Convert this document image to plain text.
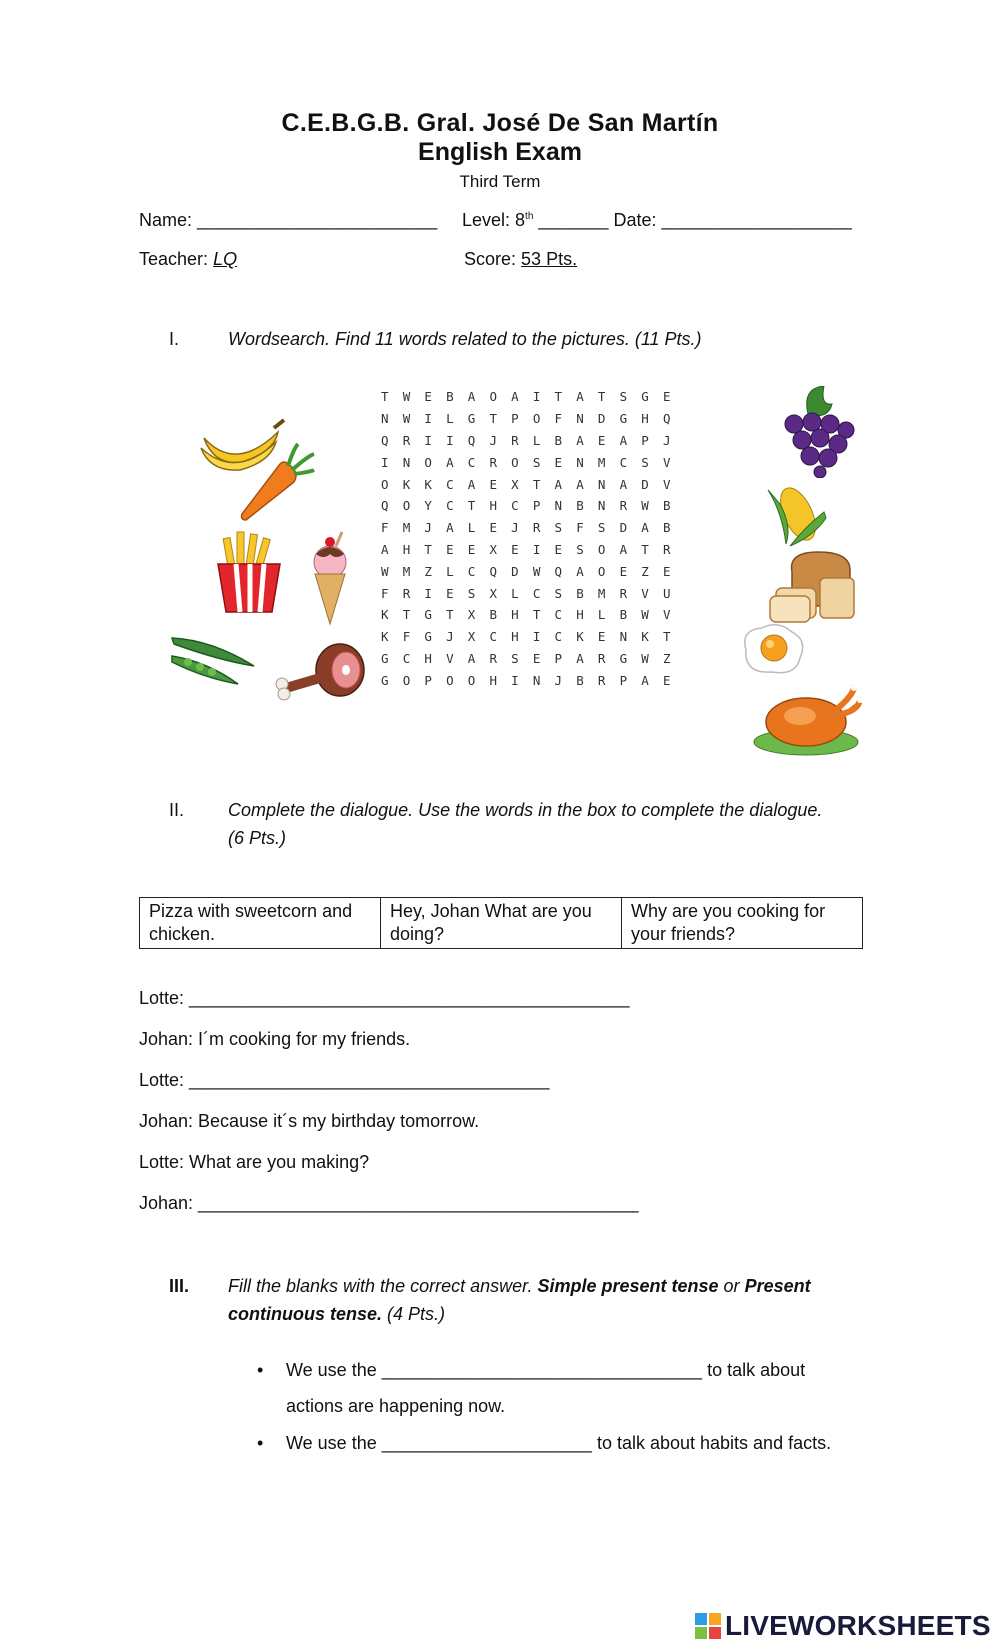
C.E.B.G.B. Gral. José De San Martín
English Exam
Third Term
Name: ________________________ Level: 8th _______ Date: ___________________
Teacher: LQ	Score: 53 Pts.
I.	Wordsearch. Find 11 words related to the pictures. (11 Pts.)
T	W	E	B	A	O	A	I	T	A	T	S	G	E
N	W	I	L	G	T	P	O	F	N	D	G	H	Q
Q	R	I	I	Q	J	R	L	B	A	E	A	P	J
I	N	O	A	C	R	O	S	E	N	M	C	S	V
O	K	K	C	A	E	X	T	A	A	N	A	D	V
Q	O	Y	C	T	H	C	P	N	B	N	R	W	B
F	M	J	A	L	E	J	R	S	F	S	D	A	B
A	H	T	E	E	X	E	I	E	S	O	A	T	R
W	M	Z	L	C	Q	D	W	Q	A	O	E	Z	E
F	R	I	E	S	X	L	C	S	B	M	R	V	U
K	T	G	T	X	B	H	T	C	H	L	B	W	V
K	F	G	J	X	C	H	I	C	K	E	N	K	T
G	C	H	V	A	R	S	E	P	A	R	G	W	Z
G	O	P	O	O	H	I	N	J	B	R	P	A	E
II. Complete the dialogue. Use the words in the box to complete the dialogue.
(6 Pts.)
Pizza with sweetcorn and chicken.	Hey, Johan What are you doing?	Why are you cooking for your friends?
Lotte: ____________________________________________
Johan: I´m cooking for my friends.
Lotte: ____________________________________
Johan: Because it´s my birthday tomorrow.
Lotte: What are you making?
Johan: ____________________________________________
III. Fill the blanks with the correct answer. Simple present tense or Present
continuous tense. (4 Pts.)
• We use the ________________________________ to talk about
actions are happening now.
• We use the _____________________ to talk about habits and facts.
LIVEWORKSHEETS
